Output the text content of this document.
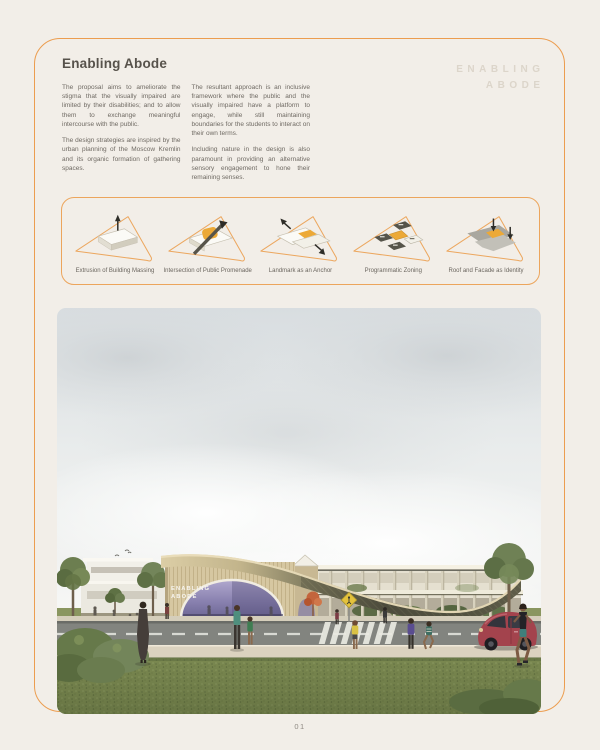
Enabling Abode	ENABLING
ABODE

The proposal aims to ameliorate the stigma that the visually impaired are limited by their disabilities; and to allow them to exchange meaningful intercourse with the public.

The design strategies are inspired by the urban planning of the Moscow Kremlin and its organic formation of gathering spaces.

The resultant approach is an inclusive framework where the public and the visually impaired have a platform to engage, while still maintaining boundaries for the students to interact on their own terms.

Including nature in the design is also paramount in providing an alternative sensory engagement to hone their remaining senses.

Extrusion of Building Massing Intersection of Public Promenade	Landmark as an Anchor	Programmatic Zoning	Roof and Facade as Identity
ENABLING
ABODE
01
